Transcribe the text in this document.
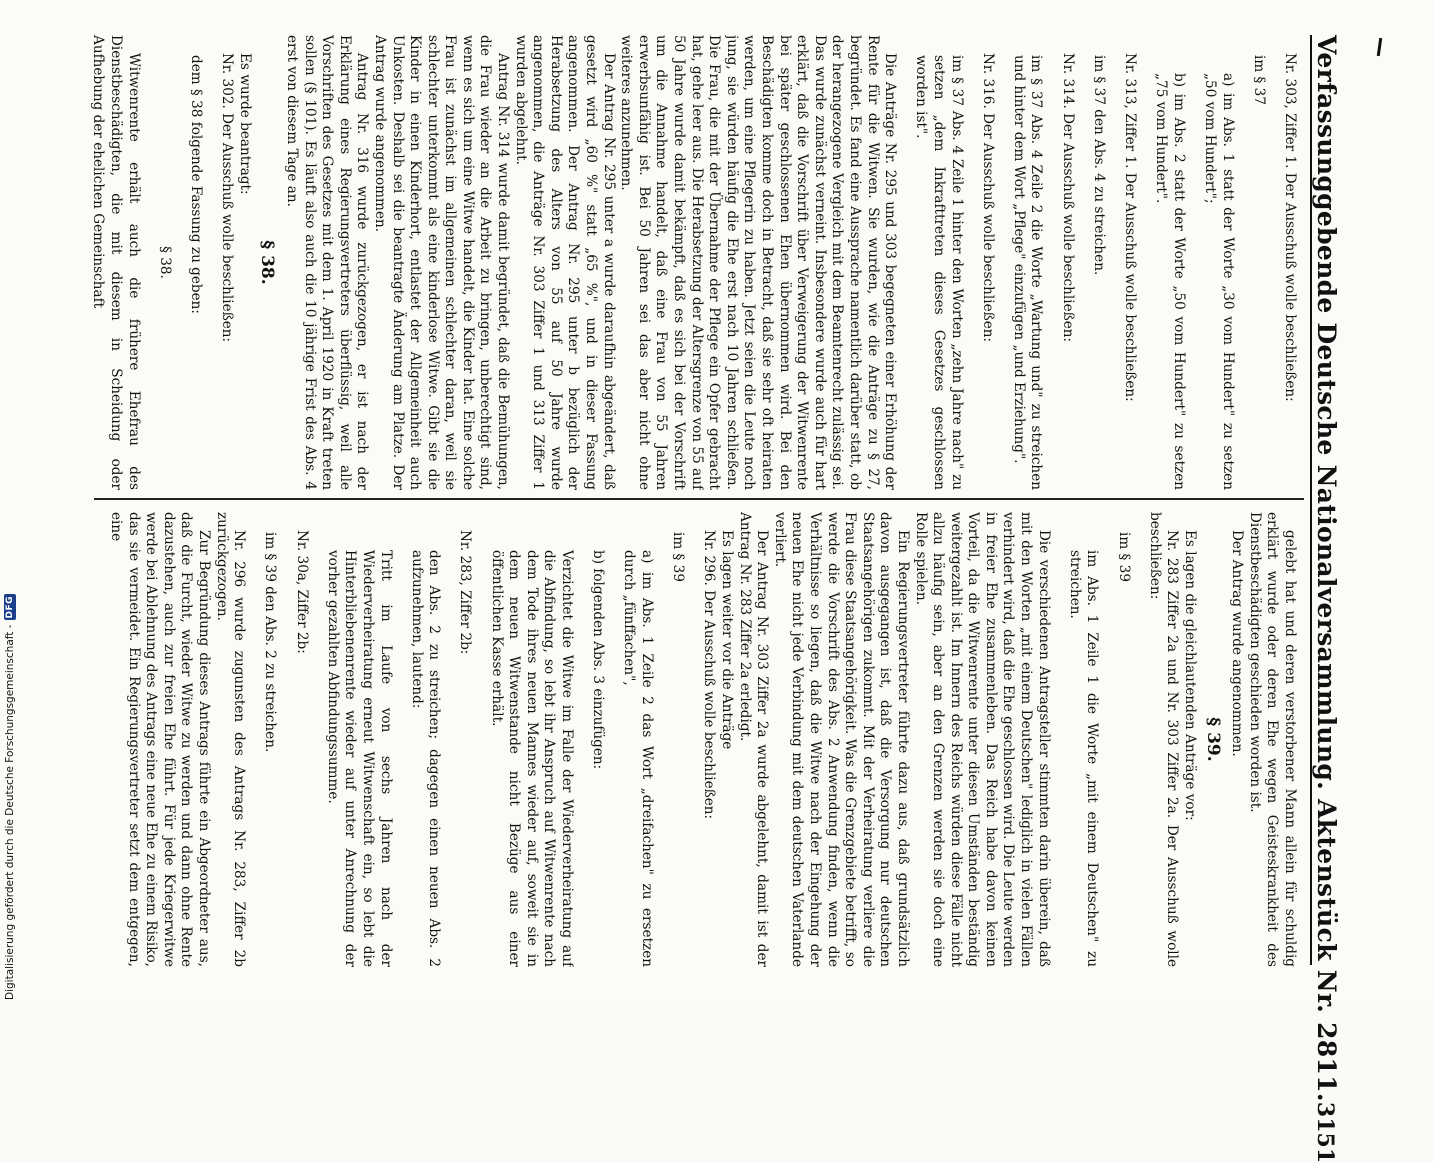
Verfassunggebende Deutsche Nationalversammlung. Aktenstück Nr. 2811.
3151

Nr. 303, Ziffer 1. Der Ausschuß wolle beschließen:

im § 37

a) im Abs. 1 statt der Worte „30 vom Hundert" zu setzen „50 vom Hundert";

b) im Abs. 2 statt der Worte „50 vom Hundert" zu setzen „75 vom Hundert".

Nr. 313, Ziffer 1. Der Ausschuß wolle beschließen:

im § 37 den Abs. 4 zu streichen.

Nr. 314. Der Ausschuß wolle beschließen:

im § 37 Abs. 4 Zeile 2 die Worte „Wartung und" zu streichen und hinter dem Wort „Pflege" einzufügen „und Erziehung".

Nr. 316. Der Ausschuß wolle beschließen:

im § 37 Abs. 4 Zeile 1 hinter den Worten „zehn Jahre nach" zu setzen „dem Inkrafttreten dieses Gesetzes geschlossen worden ist".

Die Anträge Nr. 295 und 303 begegneten einer Erhöhung der Rente für die Witwen. Sie wurden, wie die Anträge zu § 27, begründet. Es fand eine Aussprache namentlich darüber statt, ob der herangezogene Vergleich mit dem Beamtenrecht zulässig sei. Das wurde zunächst verneint. Insbesondere wurde auch für hart erklärt, daß die Vorschrift über Verweigerung der Witwenrente bei später geschlossenen Ehen übernommen wird. Bei den Beschädigten komme doch in Betracht, daß sie sehr oft heiraten werden, um eine Pflegerin zu haben. Jetzt seien die Leute noch jung, sie würden häufig die Ehe erst nach 10 Jahren schließen. Die Frau, die mit der Übernahme der Pflege ein Opfer gebracht hat, gehe leer aus. Die Herabsetzung der Altersgrenze von 55 auf 50 Jahre wurde damit bekämpft, daß es sich bei der Vorschrift um die Annahme handelt, daß eine Frau von 55 Jahren erwerbsunfähig ist. Bei 50 Jahren sei das aber nicht ohne weiteres anzunehmen.

Der Antrag Nr. 295 unter a wurde daraufhin abgeändert, daß gesetzt wird „60 %" statt „65 %", und in dieser Fassung angenommen. Der Antrag Nr. 295 unter b bezüglich der Herabsetzung des Alters von 55 auf 50 Jahre wurde angenommen, die Anträge Nr. 303 Ziffer 1 und 313 Ziffer 1 wurden abgelehnt.

Antrag Nr. 314 wurde damit begründet, daß die Bemühungen, die Frau wieder an die Arbeit zu bringen, unberechtigt sind, wenn es sich um eine Witwe handelt, die Kinder hat. Eine solche Frau ist zunächst im allgemeinen schlechter daran, weil sie schlechter unterkommt als eine kinderlose Witwe. Gibt sie die Kinder in einen Kinderhort, entlastet der Allgemeinheit auch Unkosten. Deshalb sei die beantragte Änderung am Platze. Der Antrag wurde angenommen.

Antrag Nr. 316 wurde zurückgezogen, er ist nach der Erklärung eines Regierungsvertreters überflüssig, weil alle Vorschriften des Gesetzes mit dem 1. April 1920 in Kraft treten sollen (§ 101). Es läuft also auch die 10 jährige Frist des Abs. 4 erst von diesem Tage an.

§ 38.

Es wurde beantragt:

Nr. 302. Der Ausschuß wolle beschließen:

dem § 38 folgende Fassung zu geben:

§ 38.

Witwenrente erhält auch die frühere Ehefrau des Dienstbeschädigten, die mit diesem in Scheidung oder Aufhebung der ehelichen Gemeinschaft

gelebt hat und deren verstorbener Mann allein für schuldig erklärt wurde oder deren Ehe wegen Geisteskrankheit des Dienstbeschädigten geschieden worden ist.

Der Antrag wurde angenommen.

§ 39.

Es lagen die gleichlautenden Anträge vor:

Nr. 283 Ziffer 2a und Nr. 303 Ziffer 2a. Der Ausschuß wolle beschließen:

im § 39

im Abs. 1 Zeile 1 die Worte „mit einem Deutschen" zu streichen.

Die verschiedenen Antragsteller stimmten darin überein, daß mit den Worten „mit einem Deutschen" lediglich in vielen Fällen verhindert wird, daß die Ehe geschlossen wird. Die Leute werden in freier Ehe zusammenleben. Das Reich habe davon keinen Vorteil, da die Witwenrente unter diesen Umständen beständig weitergezahlt ist. Im Innern des Reichs würden diese Fälle nicht allzu häufig sein, aber an den Grenzen werden sie doch eine Rolle spielen.

Ein Regierungsvertreter führte dazu aus, daß grundsätzlich davon ausgegangen ist, daß die Versorgung nur deutschen Staatsangehörigen zukommt. Mit der Verheiratung verliere die Frau diese Staatsangehörigkeit. Was die Grenzgebiete betrifft, so werde die Vorschrift des Abs. 2 Anwendung finden, wenn die Verhältnisse so liegen, daß die Witwe nach der Eingehung der neuen Ehe nicht jede Verbindung mit dem deutschen Vaterlande verliert.

Der Antrag Nr. 303 Ziffer 2a wurde abgelehnt, damit ist der Antrag Nr. 283 Ziffer 2a erledigt.

Es lagen weiter vor die Anträge

Nr. 296. Der Ausschuß wolle beschließen:

im § 39

a) im Abs. 1 Zeile 2 das Wort „dreifachen" zu ersetzen durch „fünffachen",

b) folgenden Abs. 3 einzufügen:

Verzichtet die Witwe im Falle der Wiederverheiratung auf die Abfindung, so lebt ihr Anspruch auf Witwenrente nach dem Tode ihres neuen Mannes wieder auf, soweit sie in dem neuen Witwenstande nicht Bezüge aus einer öffentlichen Kasse erhält.

Nr. 283, Ziffer 2b:

den Abs. 2 zu streichen; dagegen einen neuen Abs. 2 aufzunehmen, lautend:

Tritt im Laufe von sechs Jahren nach der Wiederverheiratung erneut Witwenschaft ein, so lebt die Hinterbliebenenrente wieder auf unter Anrechnung der vorher gezahlten Abfindungssumme.

Nr. 30a, Ziffer 2b:

im § 39 den Abs. 2 zu streichen.

Nr. 296 wurde zugunsten des Antrags Nr. 283, Ziffer 2b zurückgezogen.

Zur Begründung dieses Antrags führte ein Abgeordneter aus, daß die Furcht, wieder Witwe zu werden und dann ohne Rente dazustehen, auch zur freien Ehe führt. Für jede Kriegerwitwe werde bei Ablehnung des Antrags eine neue Ehe zu einem Risiko, das sie vermeidet. Ein Regierungsvertreter setzt dem entgegen, eine

Digitalisierung gefördert durch die Deutsche Forschungsgemeinschaft -
DFG
